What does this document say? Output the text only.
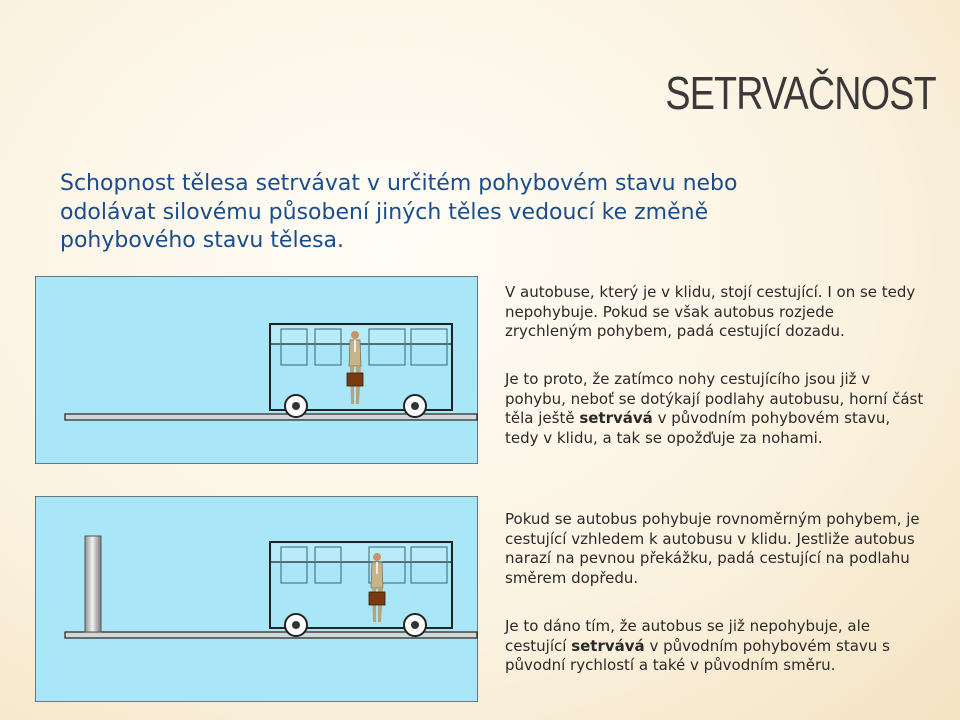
SETRVAČNOST
Schopnost tělesa setrvávat v určitém pohybovém stavu nebo odolávat silovému působení jiných těles vedoucí ke změně pohybového stavu tělesa.
V autobuse, který je v klidu, stojí cestující. I on se tedy nepohybuje. Pokud se však autobus rozjede zrychleným pohybem, padá cestující dozadu.
Je to proto, že zatímco nohy cestujícího jsou již v pohybu, neboť se dotýkají podlahy autobusu, horní část těla ještě setrvává v původním pohybovém stavu, tedy v klidu, a tak se opožďuje za nohami.
Pokud se autobus pohybuje rovnoměrným pohybem, je cestující vzhledem k autobusu v klidu. Jestliže autobus narazí na pevnou překážku, padá cestující na podlahu směrem dopředu.
Je to dáno tím, že autobus se již nepohybuje, ale cestující setrvává v původním pohybovém stavu s původní rychlostí a také v původním směru.
